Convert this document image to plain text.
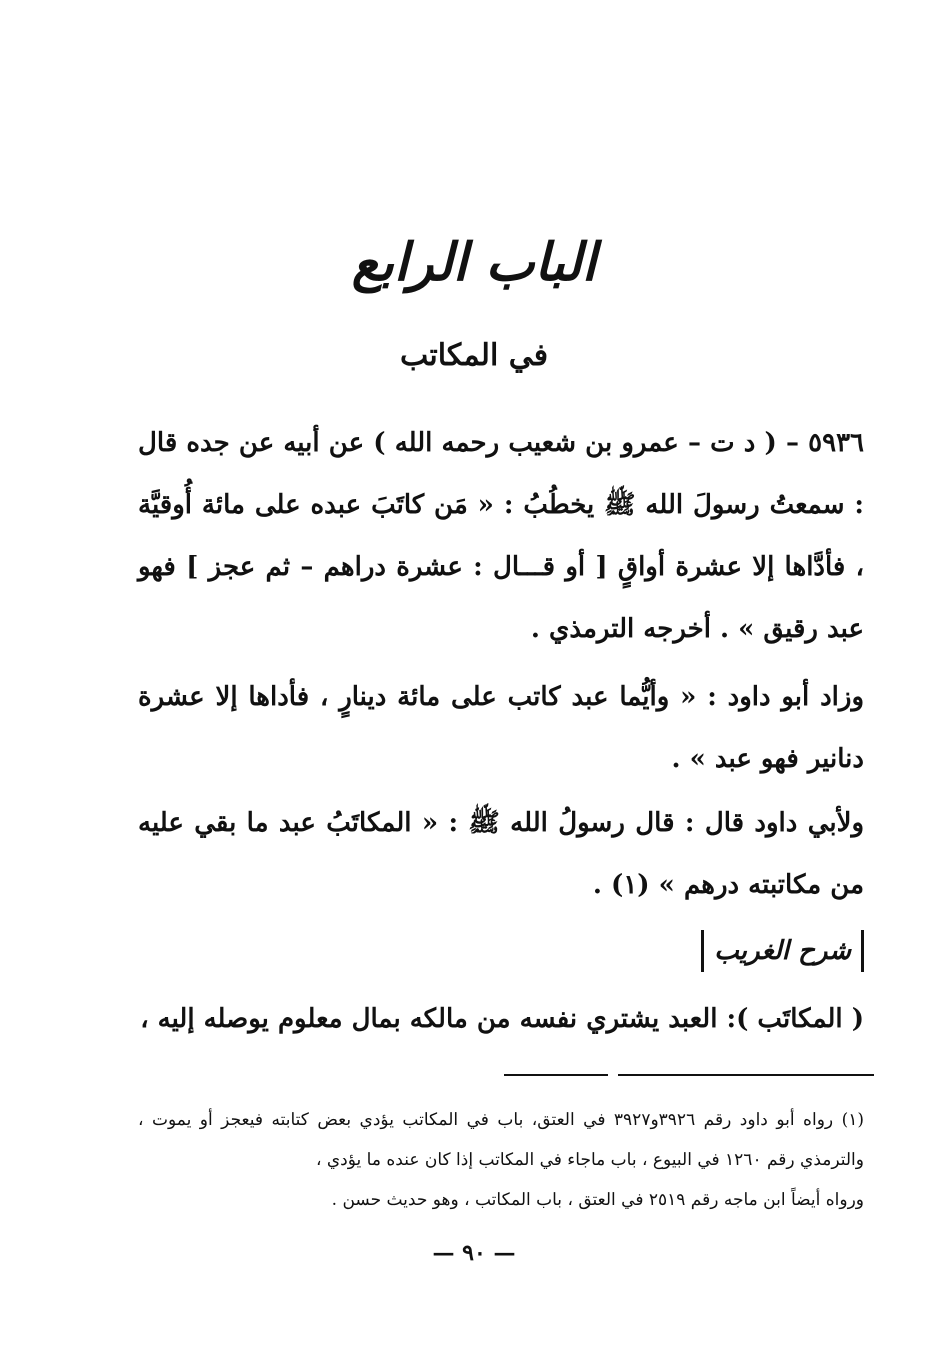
الباب الرابع
في المكاتب
٥٩٣٦ – ( د ت – عمرو بن شعيب رحمه الله ) عن أبيه عن جده قال : سمعتُ رسولَ الله ﷺ يخطُبُ : « مَن كاتَبَ عبده على مائة أُوقيَّة ، فأدَّاها إلا عشرة أواقٍ [ أو قـــال : عشرة دراهم – ثم عجز ] فهو عبد رقيق » . أخرجه الترمذي .

وزاد أبو داود : « وأيُّما عبد كاتب على مائة دينارٍ ، فأداها إلا عشرة دنانير فهو عبد » .

ولأبي داود قال : قال رسولُ الله ﷺ : « المكاتَبُ عبد ما بقي عليه من مكاتبته درهم » (١) .

شرح الغريب

( المكاتَب ): العبد يشتري نفسه من مالكه بمال معلوم يوصله إليه ،

(١) رواه أبو داود رقم ٣٩٢٦و٣٩٢٧ في العتق، باب في المكاتب يؤدي بعض كتابته فيعجز أو يموت ، والترمذي رقم ١٢٦٠ في البيوع ، باب ماجاء في المكاتب إذا كان عنده ما يؤدي ،

ورواه أيضاً ابن ماجه رقم ٢٥١٩ في العتق ، باب المكاتب ، وهو حديث حسن .

— ٩٠ —
